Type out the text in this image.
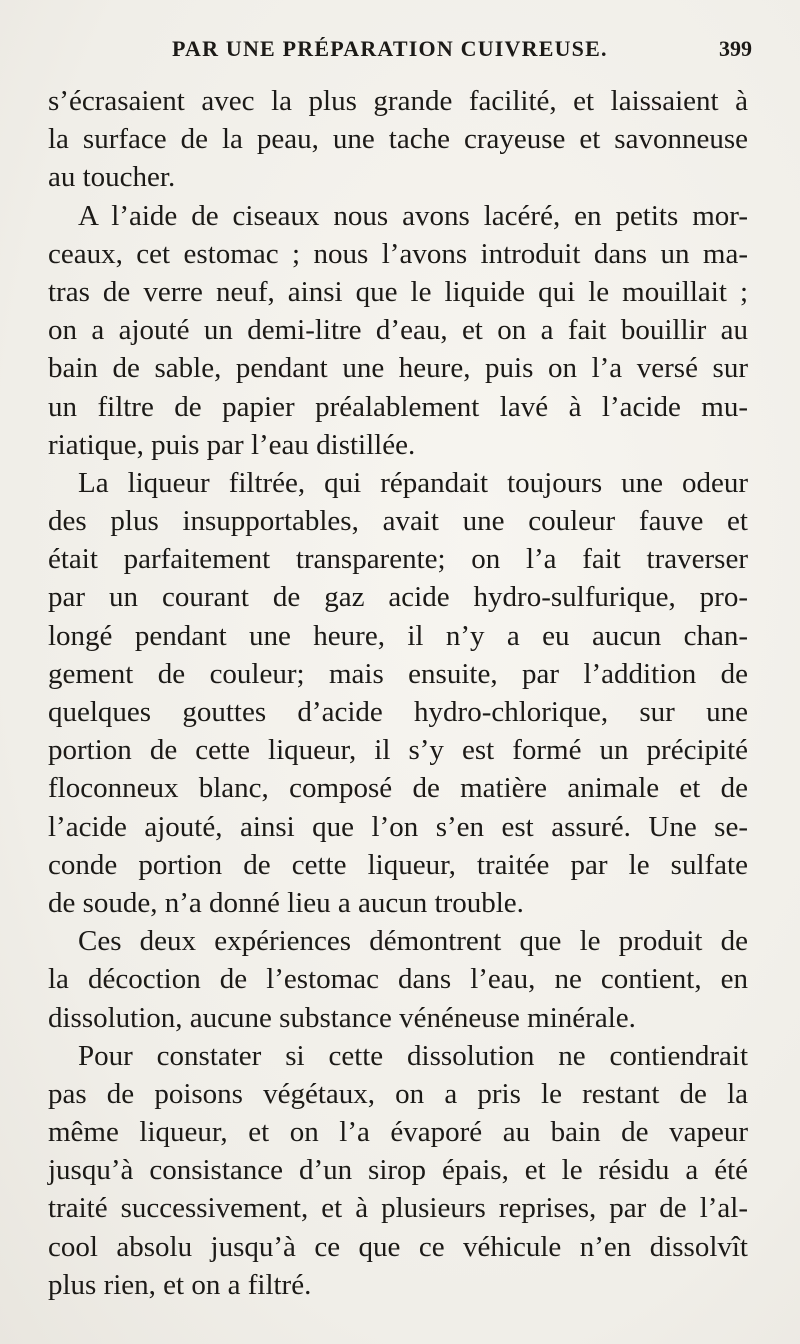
PAR UNE PRÉPARATION CUIVREUSE.	399
s’écrasaient avec la plus grande facilité, et laissaient à
la surface de la peau, une tache crayeuse et savonneuse
au toucher.
A l’aide de ciseaux nous avons lacéré, en petits mor-
ceaux, cet estomac ; nous l’avons introduit dans un ma-
tras de verre neuf, ainsi que le liquide qui le mouillait ;
on a ajouté un demi-litre d’eau, et on a fait bouillir au
bain de sable, pendant une heure, puis on l’a versé sur
un filtre de papier préalablement lavé à l’acide mu-
riatique, puis par l’eau distillée.
La liqueur filtrée, qui répandait toujours une odeur
des plus insupportables, avait une couleur fauve et
était parfaitement transparente; on l’a fait traverser
par un courant de gaz acide hydro-sulfurique, pro-
longé pendant une heure, il n’y a eu aucun chan-
gement de couleur; mais ensuite, par l’addition de
quelques gouttes d’acide hydro-chlorique, sur une
portion de cette liqueur, il s’y est formé un précipité
floconneux blanc, composé de matière animale et de
l’acide ajouté, ainsi que l’on s’en est assuré. Une se-
conde portion de cette liqueur, traitée par le sulfate
de soude, n’a donné lieu a aucun trouble.
Ces deux expériences démontrent que le produit de
la décoction de l’estomac dans l’eau, ne contient, en
dissolution, aucune substance vénéneuse minérale.
Pour constater si cette dissolution ne contiendrait
pas de poisons végétaux, on a pris le restant de la
même liqueur, et on l’a évaporé au bain de vapeur
jusqu’à consistance d’un sirop épais, et le résidu a été
traité successivement, et à plusieurs reprises, par de l’al-
cool absolu jusqu’à ce que ce véhicule n’en dissolvît
plus rien, et on a filtré.
